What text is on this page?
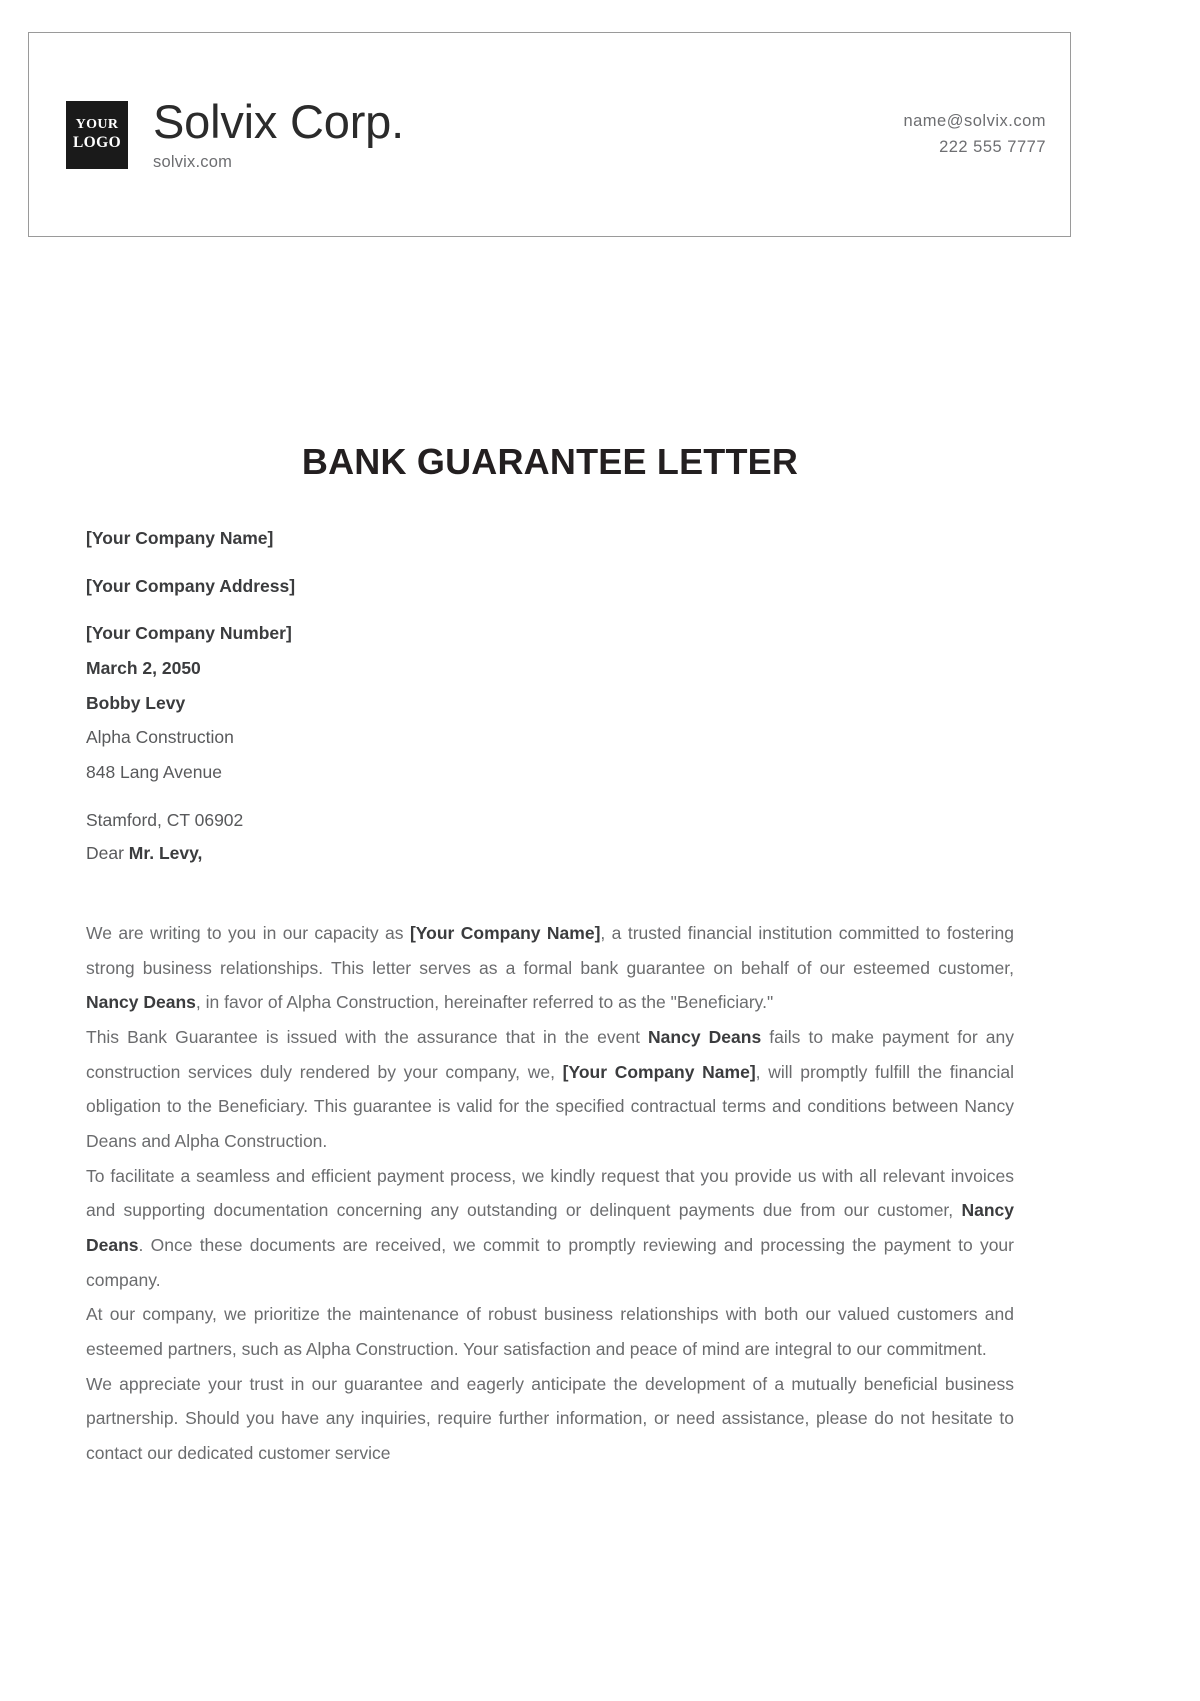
YOUR
LOGO Solvix Corp.
solvix.com
name@solvix.com
222 555 7777
BANK GUARANTEE LETTER

[Your Company Name]

[Your Company Address]

[Your Company Number]

March 2, 2050

Bobby Levy

Alpha Construction

848 Lang Avenue

Stamford, CT 06902

Dear Mr. Levy,

We are writing to you in our capacity as [Your Company Name], a trusted financial institution committed to fostering strong business relationships. This letter serves as a formal bank guarantee on behalf of our esteemed customer, Nancy Deans, in favor of Alpha Construction, hereinafter referred to as the "Beneficiary."

This Bank Guarantee is issued with the assurance that in the event Nancy Deans fails to make payment for any construction services duly rendered by your company, we, [Your Company Name], will promptly fulfill the financial obligation to the Beneficiary. This guarantee is valid for the specified contractual terms and conditions between Nancy Deans and Alpha Construction.

To facilitate a seamless and efficient payment process, we kindly request that you provide us with all relevant invoices and supporting documentation concerning any outstanding or delinquent payments due from our customer, Nancy Deans. Once these documents are received, we commit to promptly reviewing and processing the payment to your company.

At our company, we prioritize the maintenance of robust business relationships with both our valued customers and esteemed partners, such as Alpha Construction. Your satisfaction and peace of mind are integral to our commitment.

We appreciate your trust in our guarantee and eagerly anticipate the development of a mutually beneficial business partnership. Should you have any inquiries, require further information, or need assistance, please do not hesitate to contact our dedicated customer service
